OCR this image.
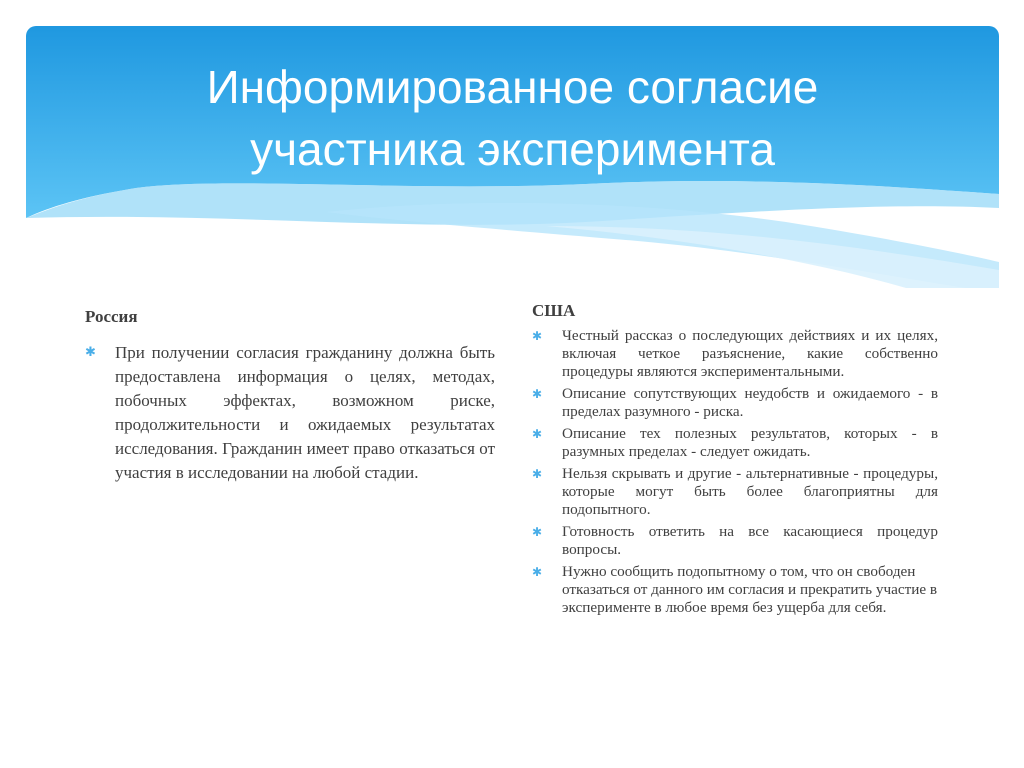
Информированное согласие
участника эксперимента
Россия
✱ При получении согласия гражданину должна быть предоставлена информация о целях, методах, побочных эффектах, возможном риске, продолжительности и ожидаемых результатах исследования. Гражданин имеет право отказаться от участия в исследовании на любой стадии.
США
✱ Честный рассказ о последующих действиях и их целях, включая четкое разъяснение, какие собственно процедуры являются экспериментальными.
✱ Описание сопутствующих неудобств и ожидаемого - в пределах разумного - риска.
✱ Описание тех полезных результатов, которых - в разумных пределах - следует ожидать.
✱ Нельзя скрывать и другие - альтернативные - процедуры, которые могут быть более благоприятны для подопытного.
✱ Готовность ответить на все касающиеся процедур вопросы.
✱ Нужно сообщить подопытному о том, что он свободен отказаться от данного им согласия и прекратить участие в эксперименте в любое время без ущерба для себя.
